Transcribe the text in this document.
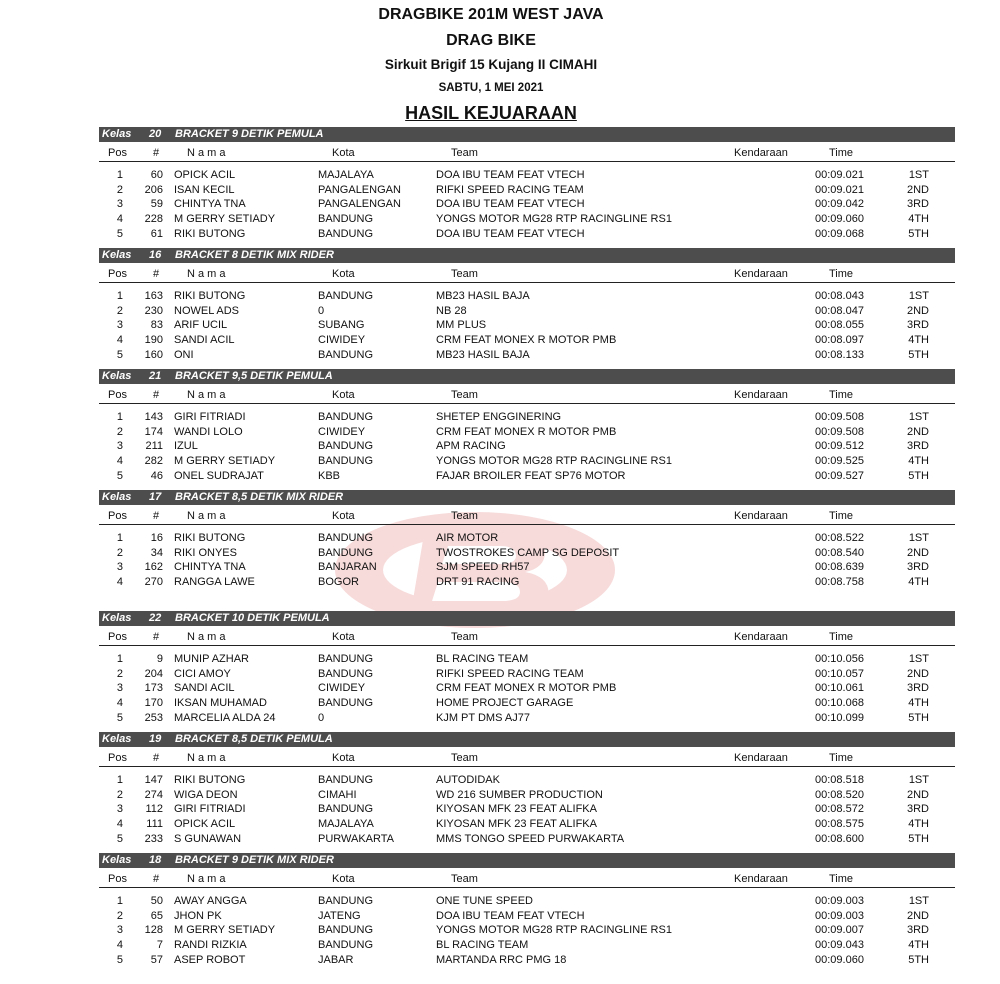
DRAGBIKE 201M WEST JAVA
DRAG BIKE
Sirkuit Brigif 15 Kujang II CIMAHI
SABTU, 1 MEI 2021
HASIL KEJUARAAN
Kelas 20 BRACKET 9 DETIK PEMULA
Pos #	N a m a	Kota	Team	Kendaraan	Time
1	60 OPICK ACIL	MAJALAYA	DOA IBU TEAM FEAT VTECH	00:09.021	1ST
2	206 ISAN KECIL	PANGALENGAN	RIFKI SPEED RACING TEAM	00:09.021	2ND
3	59 CHINTYA TNA	PANGALENGAN	DOA IBU TEAM FEAT VTECH	00:09.042	3RD
4	228 M GERRY SETIADY	BANDUNG	YONGS MOTOR MG28 RTP RACINGLINE RS1	00:09.060	4TH
5	61 RIKI BUTONG	BANDUNG	DOA IBU TEAM FEAT VTECH	00:09.068	5TH
Kelas 16 BRACKET 8 DETIK MIX RIDER
Pos #	N a m a	Kota	Team	Kendaraan	Time
1	163 RIKI BUTONG	BANDUNG	MB23 HASIL BAJA	00:08.043	1ST
2	230 NOWEL ADS	0	NB 28	00:08.047	2ND
3	83 ARIF UCIL	SUBANG	MM PLUS	00:08.055	3RD
4	190 SANDI ACIL	CIWIDEY	CRM FEAT MONEX R MOTOR PMB	00:08.097	4TH
5	160 ONI	BANDUNG	MB23 HASIL BAJA	00:08.133	5TH
Kelas 21 BRACKET 9,5 DETIK PEMULA
Pos #	N a m a	Kota	Team	Kendaraan	Time
1	143 GIRI FITRIADI	BANDUNG	SHETEP ENGGINERING	00:09.508	1ST
2	174 WANDI LOLO	CIWIDEY	CRM FEAT MONEX R MOTOR PMB	00:09.508	2ND
3	211 IZUL	BANDUNG	APM RACING	00:09.512	3RD
4	282 M GERRY SETIADY	BANDUNG	YONGS MOTOR MG28 RTP RACINGLINE RS1	00:09.525	4TH
5	46 ONEL SUDRAJAT	KBB	FAJAR BROILER FEAT SP76 MOTOR	00:09.527	5TH
Kelas 17 BRACKET 8,5 DETIK MIX RIDER
Pos #	N a m a	Kota	Team	Kendaraan	Time
1	16 RIKI BUTONG	BANDUNG	AIR MOTOR	00:08.522	1ST
2	34 RIKI ONYES	BANDUNG	TWOSTROKES CAMP SG DEPOSIT	00:08.540	2ND
3	162 CHINTYA TNA	BANJARAN	SJM SPEED RH57	00:08.639	3RD
4	270 RANGGA LAWE	BOGOR	DRT 91 RACING	00:08.758	4TH
Kelas 22 BRACKET 10 DETIK PEMULA
Pos #	N a m a	Kota	Team	Kendaraan	Time
1	9 MUNIP AZHAR	BANDUNG	BL RACING TEAM	00:10.056	1ST
2	204 CICI AMOY	BANDUNG	RIFKI SPEED RACING TEAM	00:10.057	2ND
3	173 SANDI ACIL	CIWIDEY	CRM FEAT MONEX R MOTOR PMB	00:10.061	3RD
4	170 IKSAN MUHAMAD	BANDUNG	HOME PROJECT GARAGE	00:10.068	4TH
5	253 MARCELIA ALDA 24	0	KJM PT DMS AJ77	00:10.099	5TH
Kelas 19 BRACKET 8,5 DETIK PEMULA
Pos #	N a m a	Kota	Team	Kendaraan	Time
1	147 RIKI BUTONG	BANDUNG	AUTODIDAK	00:08.518	1ST
2	274 WIGA DEON	CIMAHI	WD 216 SUMBER PRODUCTION	00:08.520	2ND
3	112 GIRI FITRIADI	BANDUNG	KIYOSAN MFK 23 FEAT ALIFKA	00:08.572	3RD
4	111 OPICK ACIL	MAJALAYA	KIYOSAN MFK 23 FEAT ALIFKA	00:08.575	4TH
5	233 S GUNAWAN	PURWAKARTA	MMS TONGO SPEED PURWAKARTA	00:08.600	5TH
Kelas 18 BRACKET 9 DETIK MIX RIDER
Pos #	N a m a	Kota	Team	Kendaraan	Time
1	50 AWAY ANGGA	BANDUNG	ONE TUNE SPEED	00:09.003	1ST
2	65 JHON PK	JATENG	DOA IBU TEAM FEAT VTECH	00:09.003	2ND
3	128 M GERRY SETIADY	BANDUNG	YONGS MOTOR MG28 RTP RACINGLINE RS1	00:09.007	3RD
4	7 RANDI RIZKIA	BANDUNG	BL RACING TEAM	00:09.043	4TH
5	57 ASEP ROBOT	JABAR	MARTANDA RRC PMG 18	00:09.060	5TH
